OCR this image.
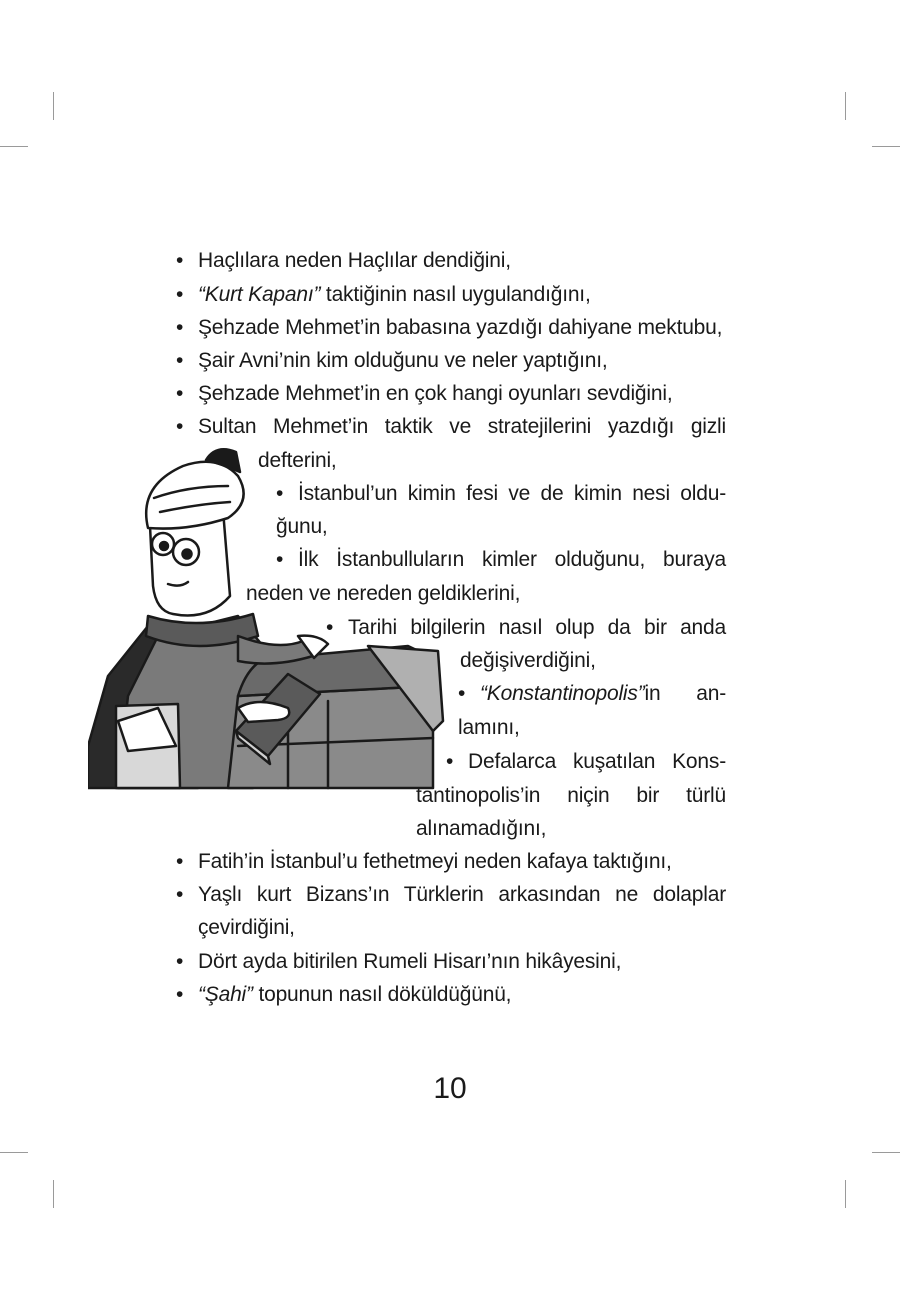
• Haçlılara neden Haçlılar dendiğini,
• “Kurt Kapanı” taktiğinin nasıl uygulandığını,
• Şehzade Mehmet’in babasına yazdığı dahiyane mektubu,
• Şair Avni’nin kim olduğunu ve neler yaptığını,
• Şehzade Mehmet’in en çok hangi oyunları sevdiğini,
• Sultan Mehmet’in taktik ve stratejilerini yazdığı gizli
defterini,
• İstanbul’un kimin fesi ve de kimin nesi oldu-
ğunu,
• İlk İstanbulluların kimler olduğunu, buraya
neden ve nereden geldiklerini,
• Tarihi bilgilerin nasıl olup da bir anda
değişiverdiğini,
• “Konstantinopolis”in an-
lamını,
• Defalarca kuşatılan Kons-
tantinopolis’in niçin bir türlü
alınamadığını,
• Fatih’in İstanbul’u fethetmeyi neden kafaya taktığını,
• Yaşlı kurt Bizans’ın Türklerin arkasından ne dolaplar
çevirdiğini,
• Dört ayda bitirilen Rumeli Hisarı’nın hikâyesini,
• “Şahi” topunun nasıl döküldüğünü,
10
